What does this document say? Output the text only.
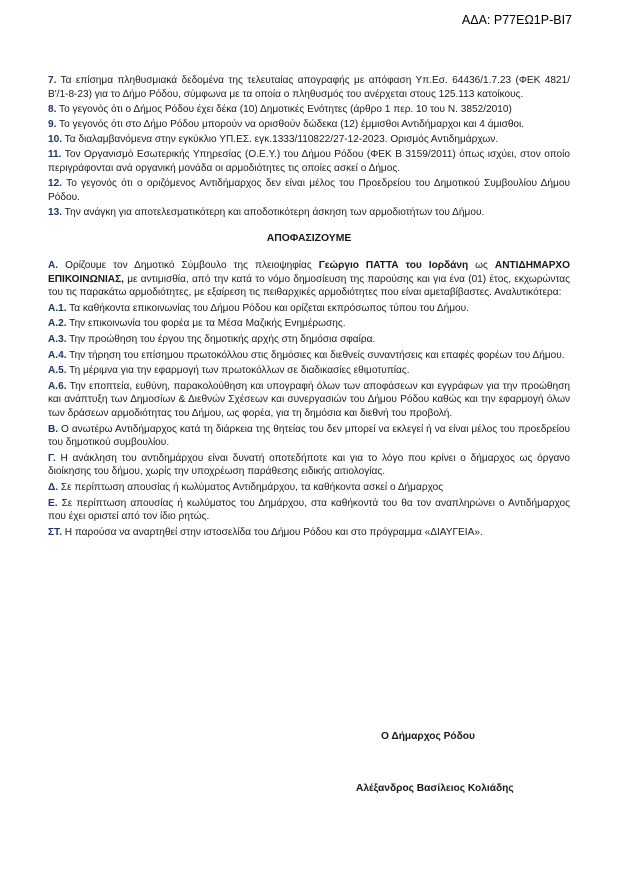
ΑΔΑ: Ρ77ΕΩ1Ρ-ΒΙ7

7. Τα επίσημα πληθυσμιακά δεδομένα της τελευταίας απογραφής με απόφαση Υπ.Εσ. 64436/1.7.23 (ΦΕΚ 4821/Β'/1-8-23) για το Δήμο Ρόδου, σύμφωνα με τα οποία ο πληθυσμός του ανέρχεται στους 125.113 κατοίκους.

8. Το γεγονός ότι ο Δήμος Ρόδου έχει δέκα (10) Δημοτικές Ενότητες (άρθρο 1 περ. 10 του Ν. 3852/2010)

9. Το γεγονός ότι στο Δήμο Ρόδου μπορούν να ορισθούν δώδεκα (12) έμμισθοι Αντιδήμαρχοι και 4 άμισθοι.

10. Τα διαλαμβανόμενα στην εγκύκλιο ΥΠ.ΕΣ. εγκ.1333/110822/27-12-2023. Ορισμός Αντιδημάρχων.

11. Τον Οργανισμό Εσωτερικής Υπηρεσίας (Ο.Ε.Υ.) του Δήμου Ρόδου (ΦΕΚ Β 3159/2011) όπως ισχύει, στον οποίο περιγράφονται ανά οργανική μονάδα οι αρμοδιότητες τις οποίες ασκεί ο Δήμος.

12. Το γεγονός ότι ο οριζόμενος Αντιδήμαρχος δεν είναι μέλος του Προεδρείου του Δημοτικού Συμβουλίου Δήμου Ρόδου.

13. Την ανάγκη για αποτελεσματικότερη και αποδοτικότερη άσκηση των αρμοδιοτήτων του Δήμου.

ΑΠΟΦΑΣΙΖΟΥΜΕ

Α. Ορίζουμε τον Δημοτικό Σύμβουλο της πλειοψηφίας Γεώργιο ΠΑΤΤΑ του Ιορδάνη ως ΑΝΤΙΔΗΜΑΡΧΟ ΕΠΙΚΟΙΝΩΝΙΑΣ, με αντιμισθία, από την κατά το νόμο δημοσίευση της παρούσης και για ένα (01) έτος, εκχωρώντας του τις παρακάτω αρμοδιότητες, με εξαίρεση τις πειθαρχικές αρμοδιότητες που είναι αμεταβίβαστες. Αναλυτικότερα:

Α.1. Τα καθήκοντα επικοινωνίας του Δήμου Ρόδου και ορίζεται εκπρόσωπος τύπου του Δήμου.

Α.2. Την επικοινωνία του φορέα με τα Μέσα Μαζικής Ενημέρωσης.

Α.3. Την προώθηση του έργου της δημοτικής αρχής στη δημόσια σφαίρα.

Α.4. Την τήρηση του επίσημου πρωτοκόλλου στις δημόσιες και διεθνείς συναντήσεις και επαφές φορέων του Δήμου.

Α.5. Τη μέριμνα για την εφαρμογή των πρωτοκόλλων σε διαδικασίες εθιμοτυπίας.

Α.6. Την εποπτεία, ευθύνη, παρακολούθηση και υπογραφή όλων των αποφάσεων και εγγράφων για την προώθηση και ανάπτυξη των Δημοσίων & Διεθνών Σχέσεων και συνεργασιών του Δήμου Ρόδου καθώς και την εφαρμογή όλων των δράσεων αρμοδιότητας του Δήμου, ως φορέα, για τη δημόσια και διεθνή του προβολή.

Β. Ο ανωτέρω Αντιδήμαρχος κατά τη διάρκεια της θητείας του δεν μπορεί να εκλεγεί ή να είναι μέλος του προεδρείου του δημοτικού συμβουλίου.

Γ. Η ανάκληση του αντιδημάρχου είναι δυνατή οποτεδήποτε και για το λόγο που κρίνει ο δήμαρχος ως όργανο διοίκησης του δήμου, χωρίς την υποχρέωση παράθεσης ειδικής αιτιολογίας.

Δ. Σε περίπτωση απουσίας ή κωλύματος Αντιδημάρχου, τα καθήκοντα ασκεί ο Δήμαρχος

Ε. Σε περίπτωση απουσίας ή κωλύματος του Δημάρχου, στα καθήκοντά του θα τον αναπληρώνει ο Αντιδήμαρχος που έχει οριστεί από τον ίδιο ρητώς.

ΣΤ. Η παρούσα να αναρτηθεί στην ιστοσελίδα του Δήμου Ρόδου και στο πρόγραμμα «ΔΙΑΥΓΕΙΑ».

Ο Δήμαρχος Ρόδου
Αλέξανδρος Βασίλειος Κολιάδης
